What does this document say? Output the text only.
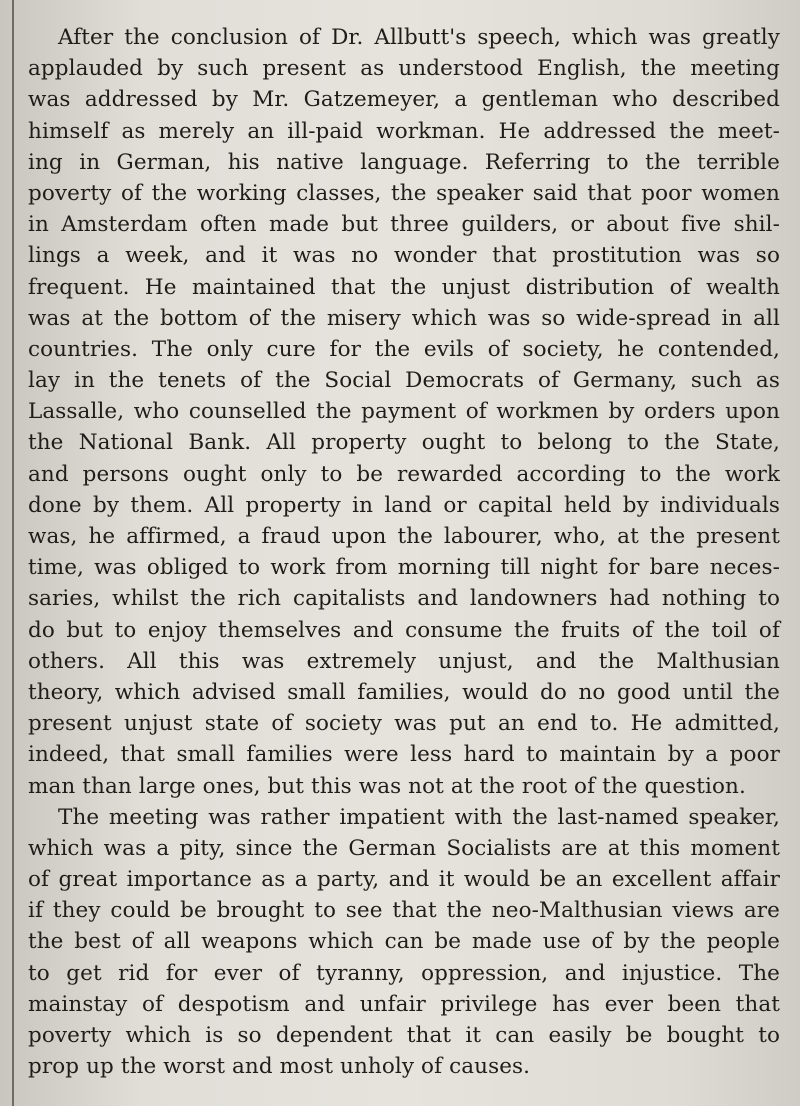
After the conclusion of Dr. Allbutt's speech, which was greatly
applauded by such present as understood English, the meeting
was addressed by Mr. Gatzemeyer, a gentleman who described
himself as merely an ill-paid workman. He addressed the meet-
ing in German, his native language. Referring to the terrible
poverty of the working classes, the speaker said that poor women
in Amsterdam often made but three guilders, or about five shil-
lings a week, and it was no wonder that prostitution was so
frequent. He maintained that the unjust distribution of wealth
was at the bottom of the misery which was so wide-spread in all
countries. The only cure for the evils of society, he contended,
lay in the tenets of the Social Democrats of Germany, such as
Lassalle, who counselled the payment of workmen by orders upon
the National Bank. All property ought to belong to the State,
and persons ought only to be rewarded according to the work
done by them. All property in land or capital held by individuals
was, he affirmed, a fraud upon the labourer, who, at the present
time, was obliged to work from morning till night for bare neces-
saries, whilst the rich capitalists and landowners had nothing to
do but to enjoy themselves and consume the fruits of the toil of
others. All this was extremely unjust, and the Malthusian
theory, which advised small families, would do no good until the
present unjust state of society was put an end to. He admitted,
indeed, that small families were less hard to maintain by a poor
man than large ones, but this was not at the root of the question.
The meeting was rather impatient with the last-named speaker,
which was a pity, since the German Socialists are at this moment
of great importance as a party, and it would be an excellent affair
if they could be brought to see that the neo-Malthusian views are
the best of all weapons which can be made use of by the people
to get rid for ever of tyranny, oppression, and injustice. The
mainstay of despotism and unfair privilege has ever been that
poverty which is so dependent that it can easily be bought to
prop up the worst and most unholy of causes.
